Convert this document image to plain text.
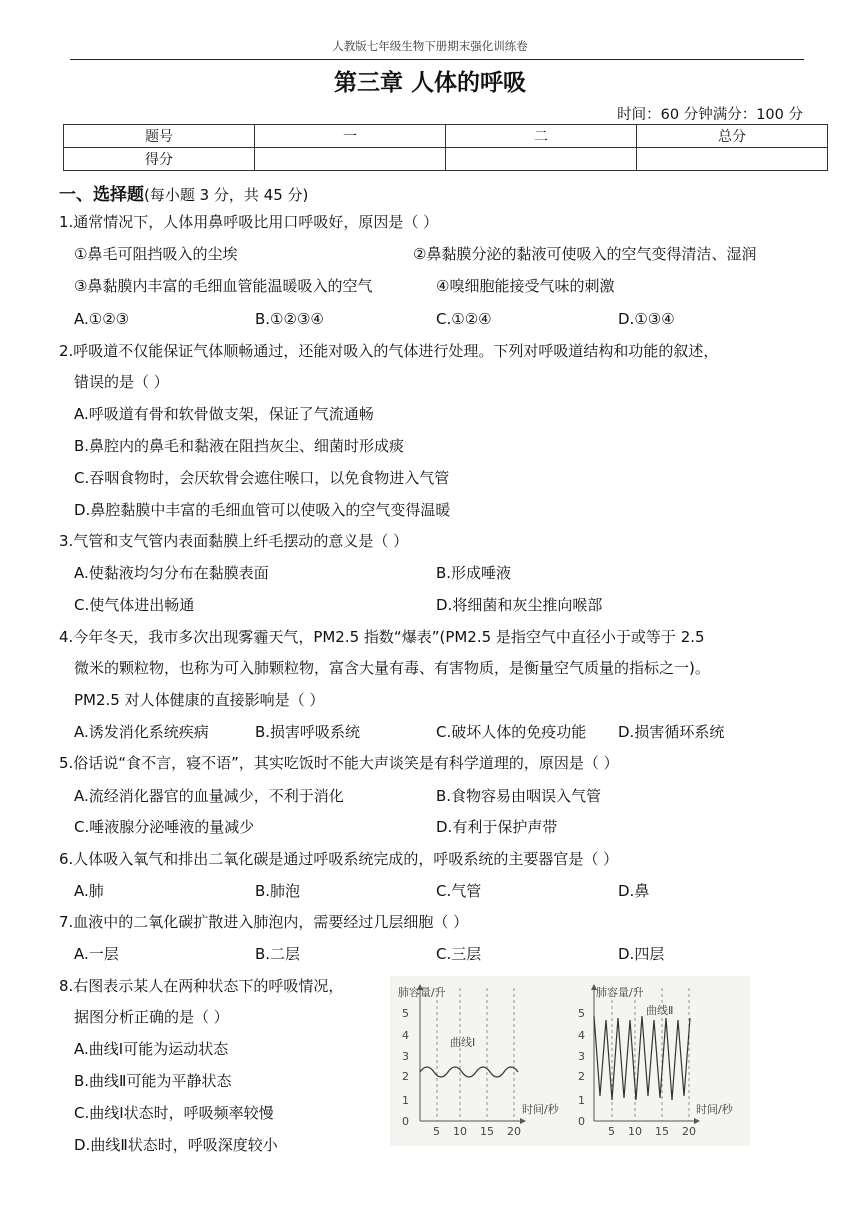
人教版七年级生物下册期末强化训练卷
第三章 人体的呼吸
时间：60 分钟满分：100 分
题号	一	二	总分
得分			
一、选择题(每小题 3 分，共 45 分)
1.通常情况下，人体用鼻呼吸比用口呼吸好，原因是（ ）
①鼻毛可阻挡吸入的尘埃	②鼻黏膜分泌的黏液可使吸入的空气变得清洁、湿润
③鼻黏膜内丰富的毛细血管能温暖吸入的空气	④嗅细胞能接受气味的刺激
A.①②③	B.①②③④	C.①②④	D.①③④
2.呼吸道不仅能保证气体顺畅通过，还能对吸入的气体进行处理。下列对呼吸道结构和功能的叙述，
错误的是（ ）
A.呼吸道有骨和软骨做支架，保证了气流通畅
B.鼻腔内的鼻毛和黏液在阻挡灰尘、细菌时形成痰
C.吞咽食物时，会厌软骨会遮住喉口，以免食物进入气管
D.鼻腔黏膜中丰富的毛细血管可以使吸入的空气变得温暖
3.气管和支气管内表面黏膜上纤毛摆动的意义是（ ）
A.使黏液均匀分布在黏膜表面	B.形成唾液
C.使气体进出畅通	D.将细菌和灰尘推向喉部
4.今年冬天，我市多次出现雾霾天气，PM2.5 指数“爆表”(PM2.5 是指空气中直径小于或等于 2.5
微米的颗粒物，也称为可入肺颗粒物，富含大量有毒、有害物质，是衡量空气质量的指标之一)。
PM2.5 对人体健康的直接影响是（ ）
A.诱发消化系统疾病	B.损害呼吸系统	C.破坏人体的免疫功能 D.损害循环系统
5.俗话说“食不言，寝不语”，其实吃饭时不能大声谈笑是有科学道理的，原因是（ ）
A.流经消化器官的血量减少，不利于消化	B.食物容易由咽误入气管
C.唾液腺分泌唾液的量减少	D.有利于保护声带
6.人体吸入氧气和排出二氧化碳是通过呼吸系统完成的，呼吸系统的主要器官是（ ）
A.肺	B.肺泡	C.气管	D.鼻
7.血液中的二氧化碳扩散进入肺泡内，需要经过几层细胞（ ）
A.一层	B.二层	C.三层	D.四层
8.右图表示某人在两种状态下的呼吸情况，
据图分析正确的是（ ）
A.曲线Ⅰ可能为运动状态
B.曲线Ⅱ可能为平静状态
C.曲线Ⅰ状态时，呼吸频率较慢
D.曲线Ⅱ状态时，呼吸深度较小
0
1
2
3
4
5
5 10 15 20
肺容量/升
曲线Ⅰ
时间/秒
0
1
2
3
4
5
5 10 15 20
肺容量/升
曲线Ⅱ
时间/秒
